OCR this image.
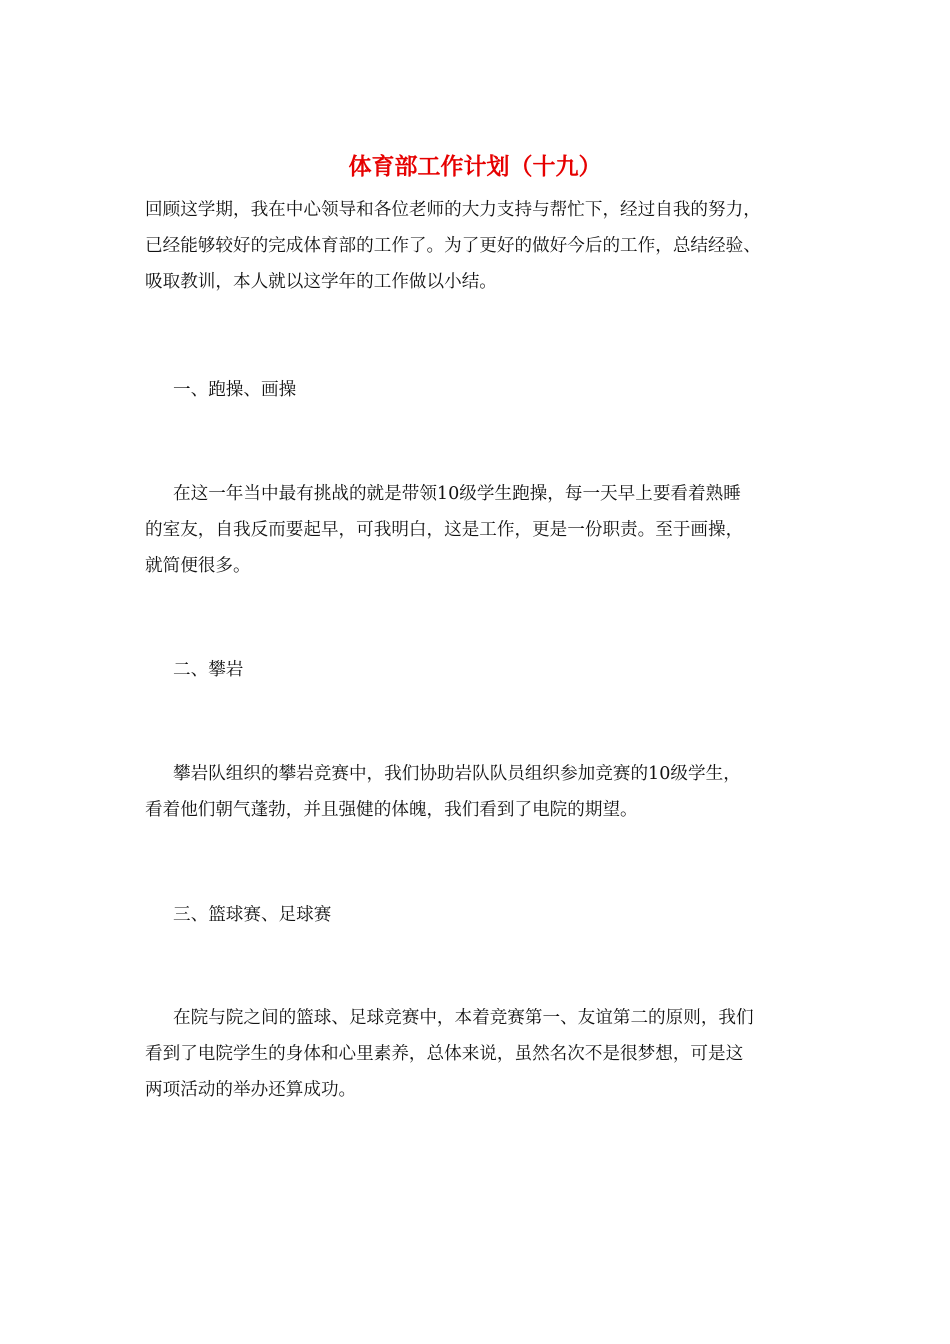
体育部工作计划（十九）
回顾这学期，我在中心领导和各位老师的大力支持与帮忙下，经过自我的努力，
已经能够较好的完成体育部的工作了。为了更好的做好今后的工作，总结经验、
吸取教训，本人就以这学年的工作做以小结。
一、跑操、画操
在这一年当中最有挑战的就是带领10级学生跑操，每一天早上要看着熟睡
的室友，自我反而要起早，可我明白，这是工作，更是一份职责。至于画操，
就简便很多。
二、攀岩
攀岩队组织的攀岩竞赛中，我们协助岩队队员组织参加竞赛的10级学生，
看着他们朝气蓬勃，并且强健的体魄，我们看到了电院的期望。
三、篮球赛、足球赛
在院与院之间的篮球、足球竞赛中，本着竞赛第一、友谊第二的原则，我们
看到了电院学生的身体和心里素养，总体来说，虽然名次不是很梦想，可是这
两项活动的举办还算成功。
